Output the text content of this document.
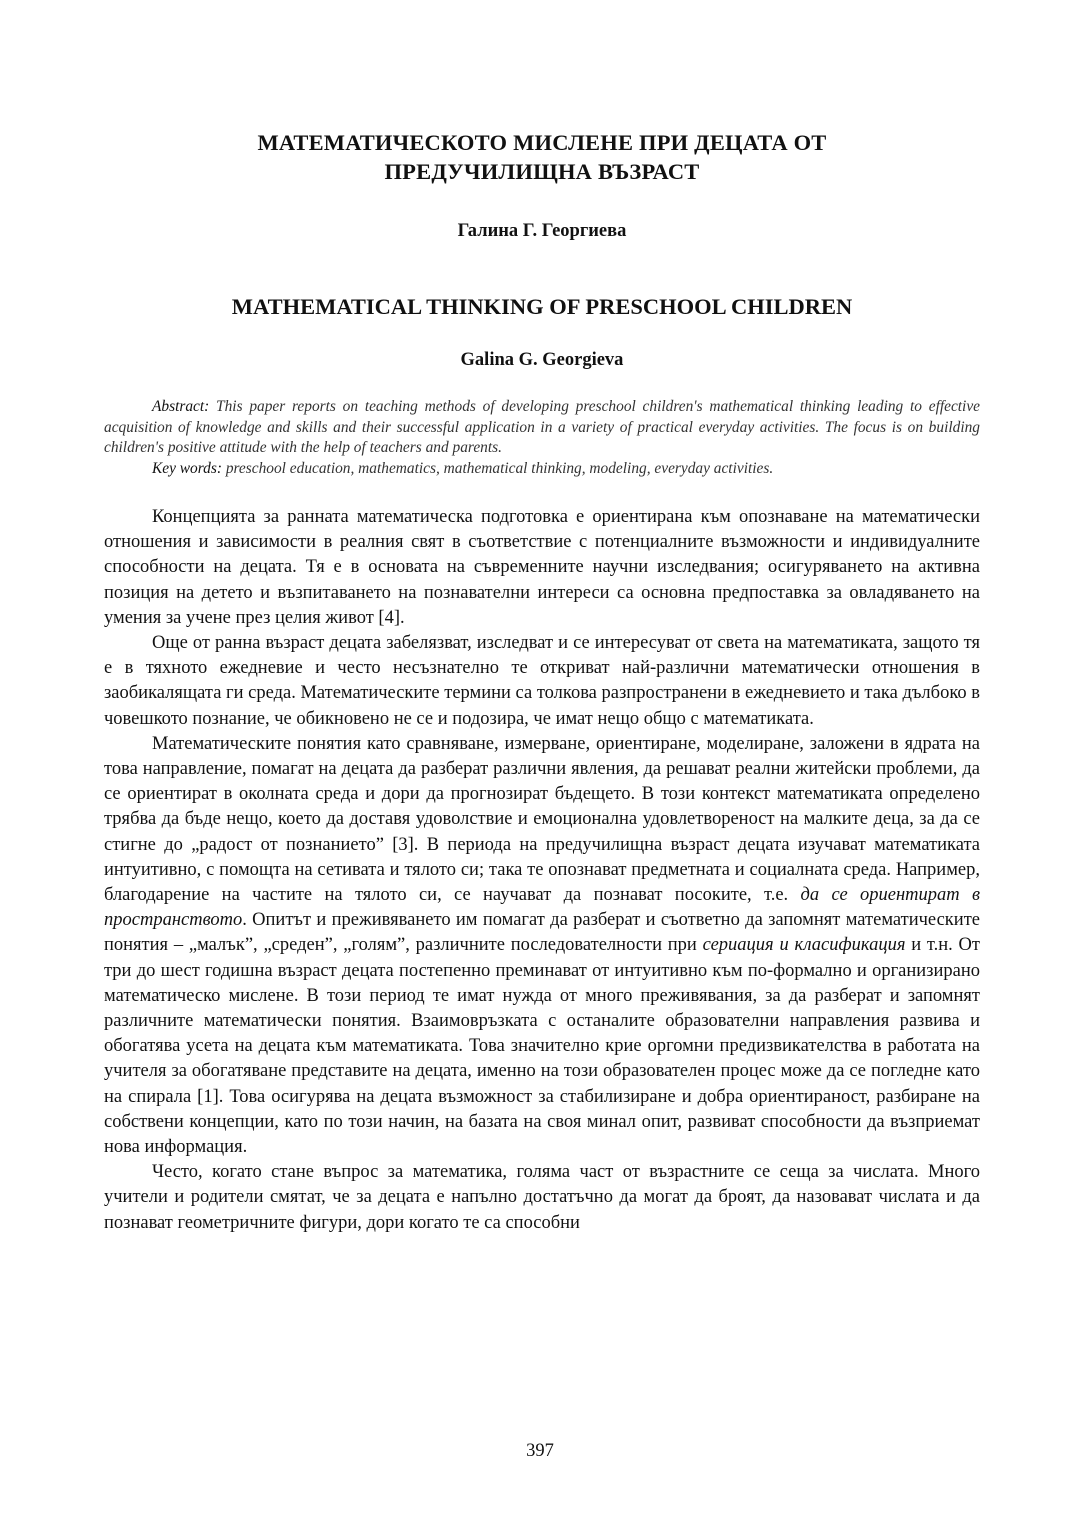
МАТЕМАТИЧЕСКОТО МИСЛЕНЕ ПРИ ДЕЦАТА ОТ
ПРЕДУЧИЛИЩНА ВЪЗРАСТ
Галина Г. Георгиева
MATHEMATICAL THINKING OF PRESCHOOL CHILDREN
Galina G. Georgieva

Abstract: This paper reports on teaching methods of developing preschool children's mathematical thinking leading to effective acquisition of knowledge and skills and their successful application in a variety of practical everyday activities. The focus is on building children's positive attitude with the help of teachers and parents.

Key words: preschool education, mathematics, mathematical thinking, modeling, everyday activities.

Концепцията за ранната математическа подготовка е ориентирана към опознаване на математически отношения и зависимости в реалния свят в съответствие с потенциалните възможности и индивидуалните способности на децата. Тя е в основата на съвременните научни изследвания; осигуряването на активна позиция на детето и възпитаването на познавателни интереси са основна предпоставка за овладяването на умения за учене през целия живот [4].

Още от ранна възраст децата забелязват, изследват и се интересуват от света на математиката, защото тя е в тяхното ежедневие и често несъзнателно те откриват най-различни математически отношения в заобикалящата ги среда. Математическите термини са толкова разпространени в ежедневието и така дълбоко в човешкото познание, че обикновено не се и подозира, че имат нещо общо с математиката.

Математическите понятия като сравняване, измерване, ориентиране, моделиране, заложени в ядрата на това направление, помагат на децата да разберат различни явления, да решават реални житейски проблеми, да се ориентират в околната среда и дори да прогнозират бъдещето. В този контекст математиката определено трябва да бъде нещо, което да доставя удоволствие и емоционална удовлетвореност на малките деца, за да се стигне до „радост от познанието” [3]. В периода на предучилищна възраст децата изучават математиката интуитивно, с помощта на сетивата и тялото си; така те опознават предметната и социалната среда. Например, благодарение на частите на тялото си, се научават да познават посоките, т.е. да се ориентират в пространството. Опитът и преживяването им помагат да разберат и съответно да запомнят математическите понятия – „малък”, „среден”, „голям”, различните последователности при сериация и класификация и т.н. От три до шест годишна възраст децата постепенно преминават от интуитивно към по-формално и организирано математическо мислене. В този период те имат нужда от много преживявания, за да разберат и запомнят различните математически понятия. Взаимовръзката с останалите образователни направления развива и обогатява усета на децата към математиката. Това значително крие оргомни предизвикателства в работата на учителя за обогатяване представите на децата, именно на този образователен процес може да се погледне като на спирала [1]. Това осигурява на децата възможност за стабилизиране и добра ориентираност, разбиране на собствени концепции, като по този начин, на базата на своя минал опит, развиват способности да възприемат нова информация.

Често, когато стане въпрос за математика, голяма част от възрастните се сеща за числата. Много учители и родители смятат, че за децата е напълно достатъчно да могат да броят, да назовават числата и да познават геометричните фигури, дори когато те са способни

397
